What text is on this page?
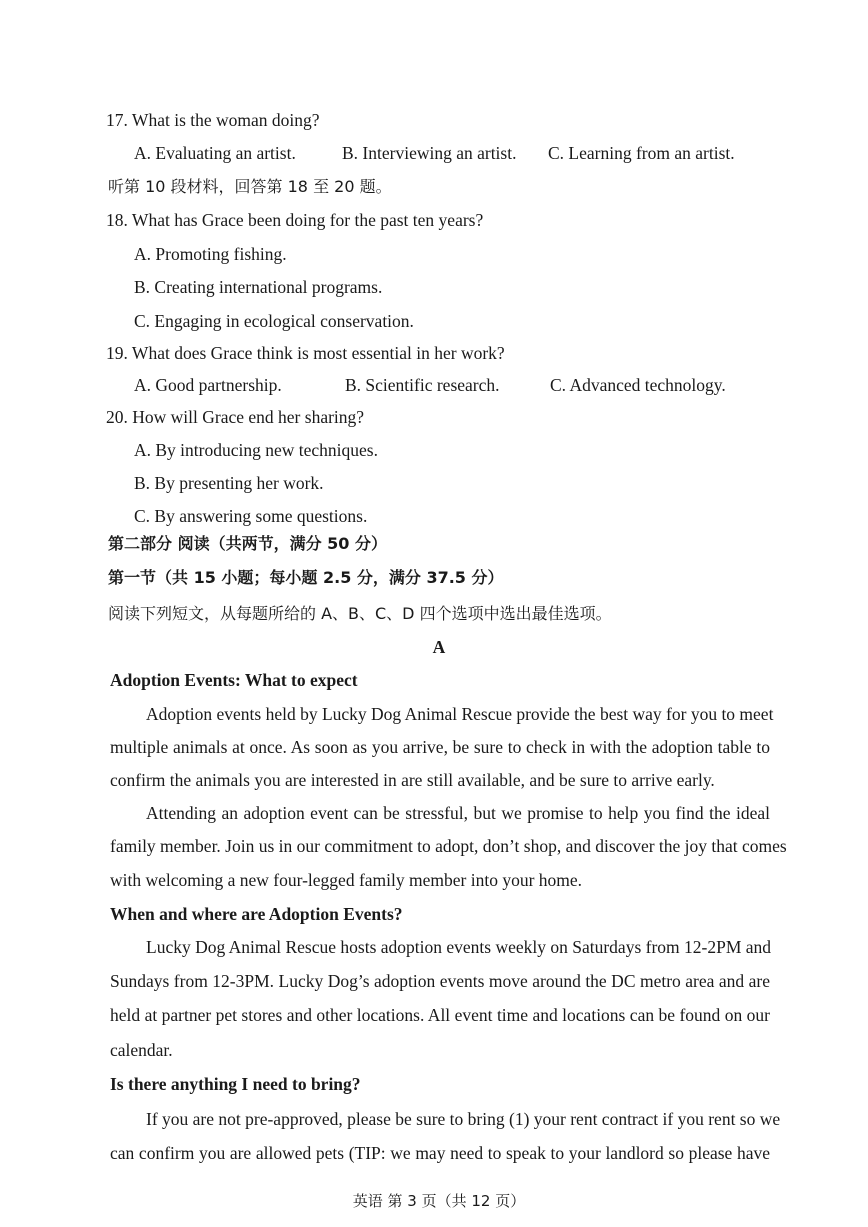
17. What is the woman doing?
A. Evaluating an artist.	B. Interviewing an artist. C. Learning from an artist.
听第 10 段材料，回答第 18 至 20 题。
18. What has Grace been doing for the past ten years?
A. Promoting fishing.
B. Creating international programs.
C. Engaging in ecological conservation.
19. What does Grace think is most essential in her work?
A. Good partnership.	B. Scientific research.	C. Advanced technology.
20. How will Grace end her sharing?
A. By introducing new techniques.
B. By presenting her work.
C. By answering some questions.
第二部分 阅读（共两节，满分 50 分）
第一节（共 15 小题；每小题 2.5 分，满分 37.5 分）
阅读下列短文，从每题所给的 A、B、C、D 四个选项中选出最佳选项。
A
Adoption Events: What to expect
Adoption events held by Lucky Dog Animal Rescue provide the best way for you to meet
multiple animals at once. As soon as you arrive, be sure to check in with the adoption table to
confirm the animals you are interested in are still available, and be sure to arrive early.
Attending an adoption event can be stressful, but we promise to help you find the ideal
family member. Join us in our commitment to adopt, don’t shop, and discover the joy that comes
with welcoming a new four-legged family member into your home.
When and where are Adoption Events?
Lucky Dog Animal Rescue hosts adoption events weekly on Saturdays from 12-2PM and
Sundays from 12-3PM. Lucky Dog’s adoption events move around the DC metro area and are
held at partner pet stores and other locations. All event time and locations can be found on our
calendar.
Is there anything I need to bring?
If you are not pre-approved, please be sure to bring (1) your rent contract if you rent so we
can confirm you are allowed pets (TIP: we may need to speak to your landlord so please have
英语 第 3 页（共 12 页）
